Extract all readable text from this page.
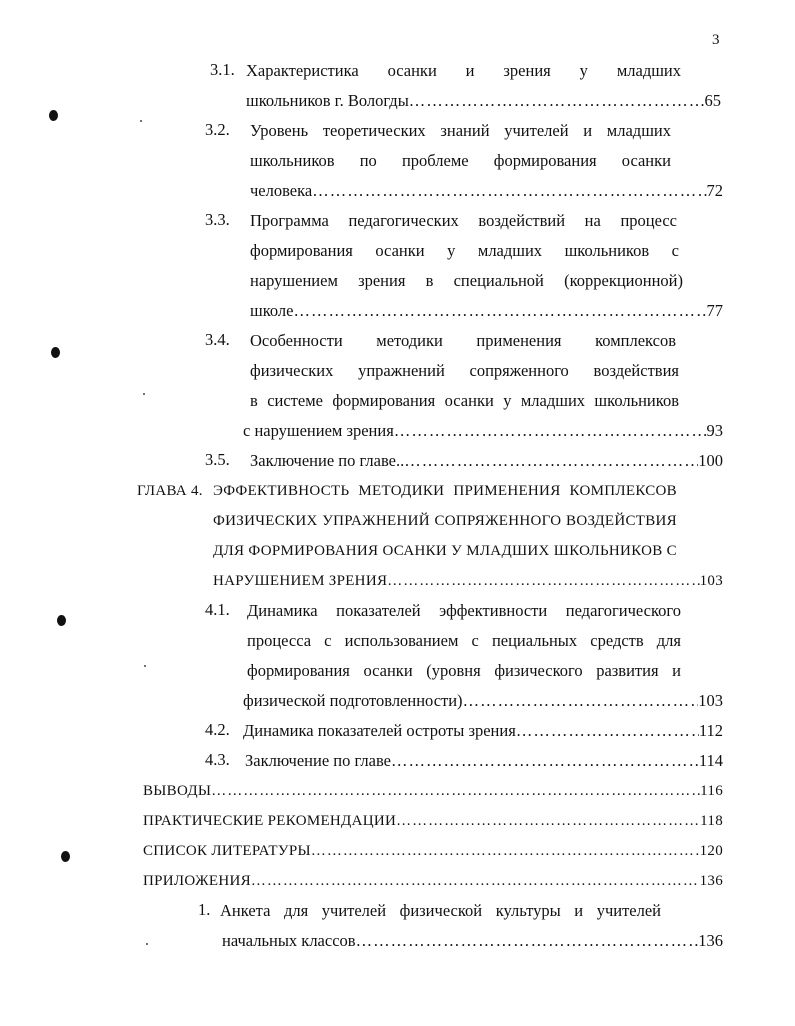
3
3.1. Характеристика осанки и зрения у младших
школьников г. Вологды …………………………………………………………………………………………………………………………………………………………………	65
3.2. Уровень теоретических знаний учителей и младших
школьников по проблеме формирования осанки
человека …………………………………………………………………………………………………………………………………………………………………	72
3.3. Программа педагогических воздействий на процесс
формирования осанки у младших школьников с
нарушением зрения в специальной (коррекционной)
школе …………………………………………………………………………………………………………………………………………………………………	77
3.4. Особенности методики применения комплексов
физических упражнений сопряженного воздействия
в системе формирования осанки у младших школьников
с нарушением зрения …………………………………………………………………………………………………………………………………………………………………	93
3.5. Заключение по главе.. …………………………………………………………………………………………………………………………………………………………………	100
ГЛАВА 4. ЭФФЕКТИВНОСТЬ МЕТОДИКИ ПРИМЕНЕНИЯ КОМПЛЕКСОВ
ФИЗИЧЕСКИХ УПРАЖНЕНИЙ СОПРЯЖЕННОГО ВОЗДЕЙСТВИЯ
ДЛЯ ФОРМИРОВАНИЯ ОСАНКИ У МЛАДШИХ ШКОЛЬНИКОВ С
НАРУШЕНИЕМ ЗРЕНИЯ …………………………………………………………………………………………………………………………………………………………………	103
4.1. Динамика показателей эффективности педагогического
процесса с использованием с пециальных средств для
формирования осанки (уровня физического развития и
физической подготовленности) …………………………………………………………………………………………………………………………………………………………………	103
4.2. Динамика показателей остроты зрения …………………………………………………………………………………………………………………………………………………………………	112
4.3. Заключение по главе …………………………………………………………………………………………………………………………………………………………………	114
ВЫВОДЫ …………………………………………………………………………………………………………………………………………………………………	116
ПРАКТИЧЕСКИЕ РЕКОМЕНДАЦИИ …………………………………………………………………………………………………………………………………………………………………	118
СПИСОК ЛИТЕРАТУРЫ …………………………………………………………………………………………………………………………………………………………………	120
ПРИЛОЖЕНИЯ …………………………………………………………………………………………………………………………………………………………………	136
1. Анкета для учителей физической культуры и учителей
начальных классов …………………………………………………………………………………………………………………………………………………………………	136
